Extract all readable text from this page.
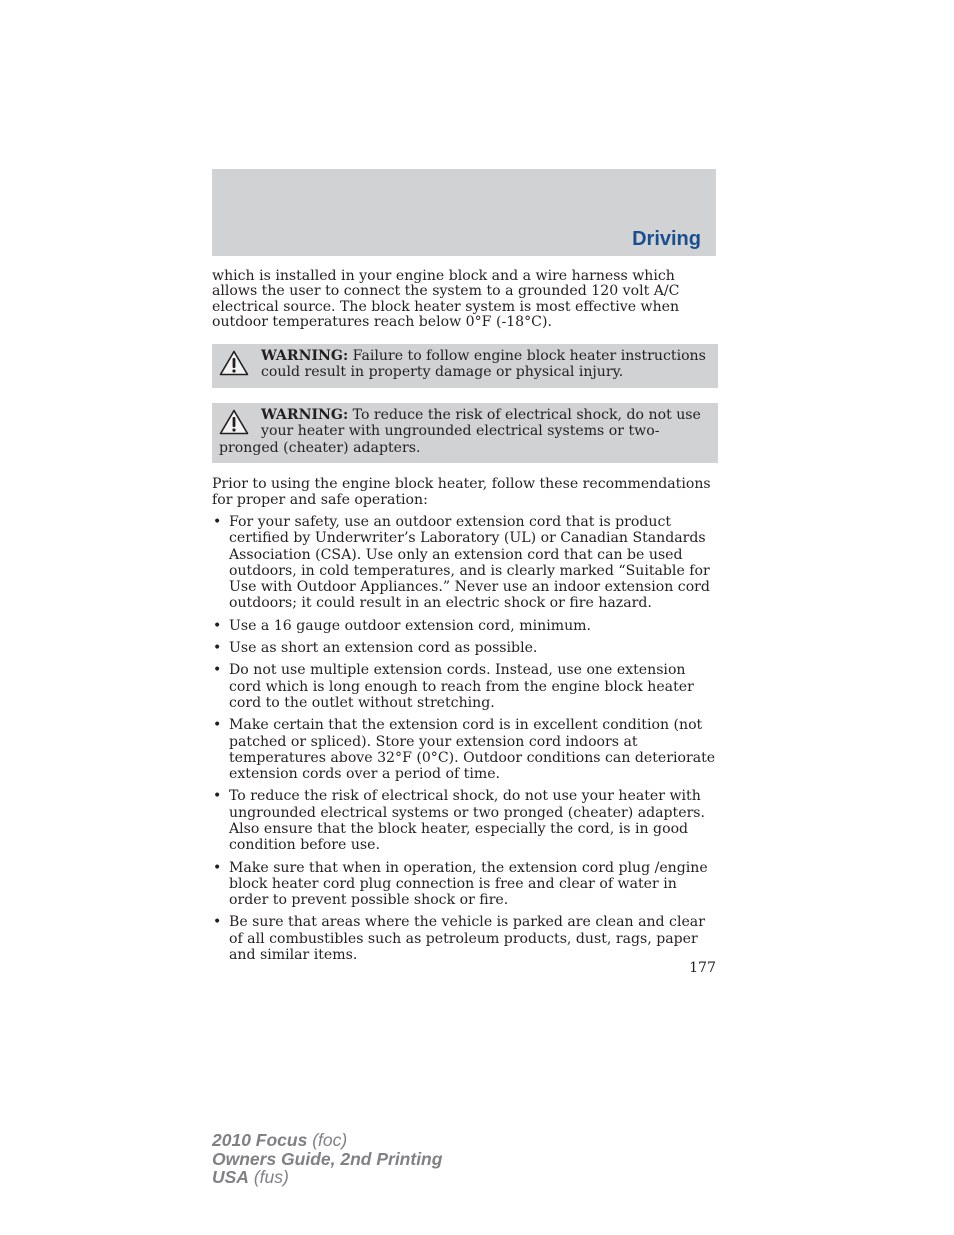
Driving

which is installed in your engine block and a wire harness which allows the user to connect the system to a grounded 120 volt A/C electrical source. The block heater system is most effective when outdoor temperatures reach below 0°F (-18°C).

WARNING: Failure to follow engine block heater instructions could result in property damage or physical injury.
WARNING: To reduce the risk of electrical shock, do not use your heater with ungrounded electrical systems or two-pronged (cheater) adapters.

Prior to using the engine block heater, follow these recommendations for proper and safe operation:

• For your safety, use an outdoor extension cord that is product certified by Underwriter’s Laboratory (UL) or Canadian Standards Association (CSA). Use only an extension cord that can be used outdoors, in cold temperatures, and is clearly marked “Suitable for Use with Outdoor Appliances.” Never use an indoor extension cord outdoors; it could result in an electric shock or fire hazard.
• Use a 16 gauge outdoor extension cord, minimum.
• Use as short an extension cord as possible.
• Do not use multiple extension cords. Instead, use one extension cord which is long enough to reach from the engine block heater cord to the outlet without stretching.
• Make certain that the extension cord is in excellent condition (not patched or spliced). Store your extension cord indoors at temperatures above 32°F (0°C). Outdoor conditions can deteriorate extension cords over a period of time.
• To reduce the risk of electrical shock, do not use your heater with ungrounded electrical systems or two pronged (cheater) adapters. Also ensure that the block heater, especially the cord, is in good condition before use.
• Make sure that when in operation, the extension cord plug /engine block heater cord plug connection is free and clear of water in order to prevent possible shock or fire.
• Be sure that areas where the vehicle is parked are clean and clear of all combustibles such as petroleum products, dust, rags, paper and similar items.
177
2010 Focus (foc)
Owners Guide, 2nd Printing
USA (fus)
